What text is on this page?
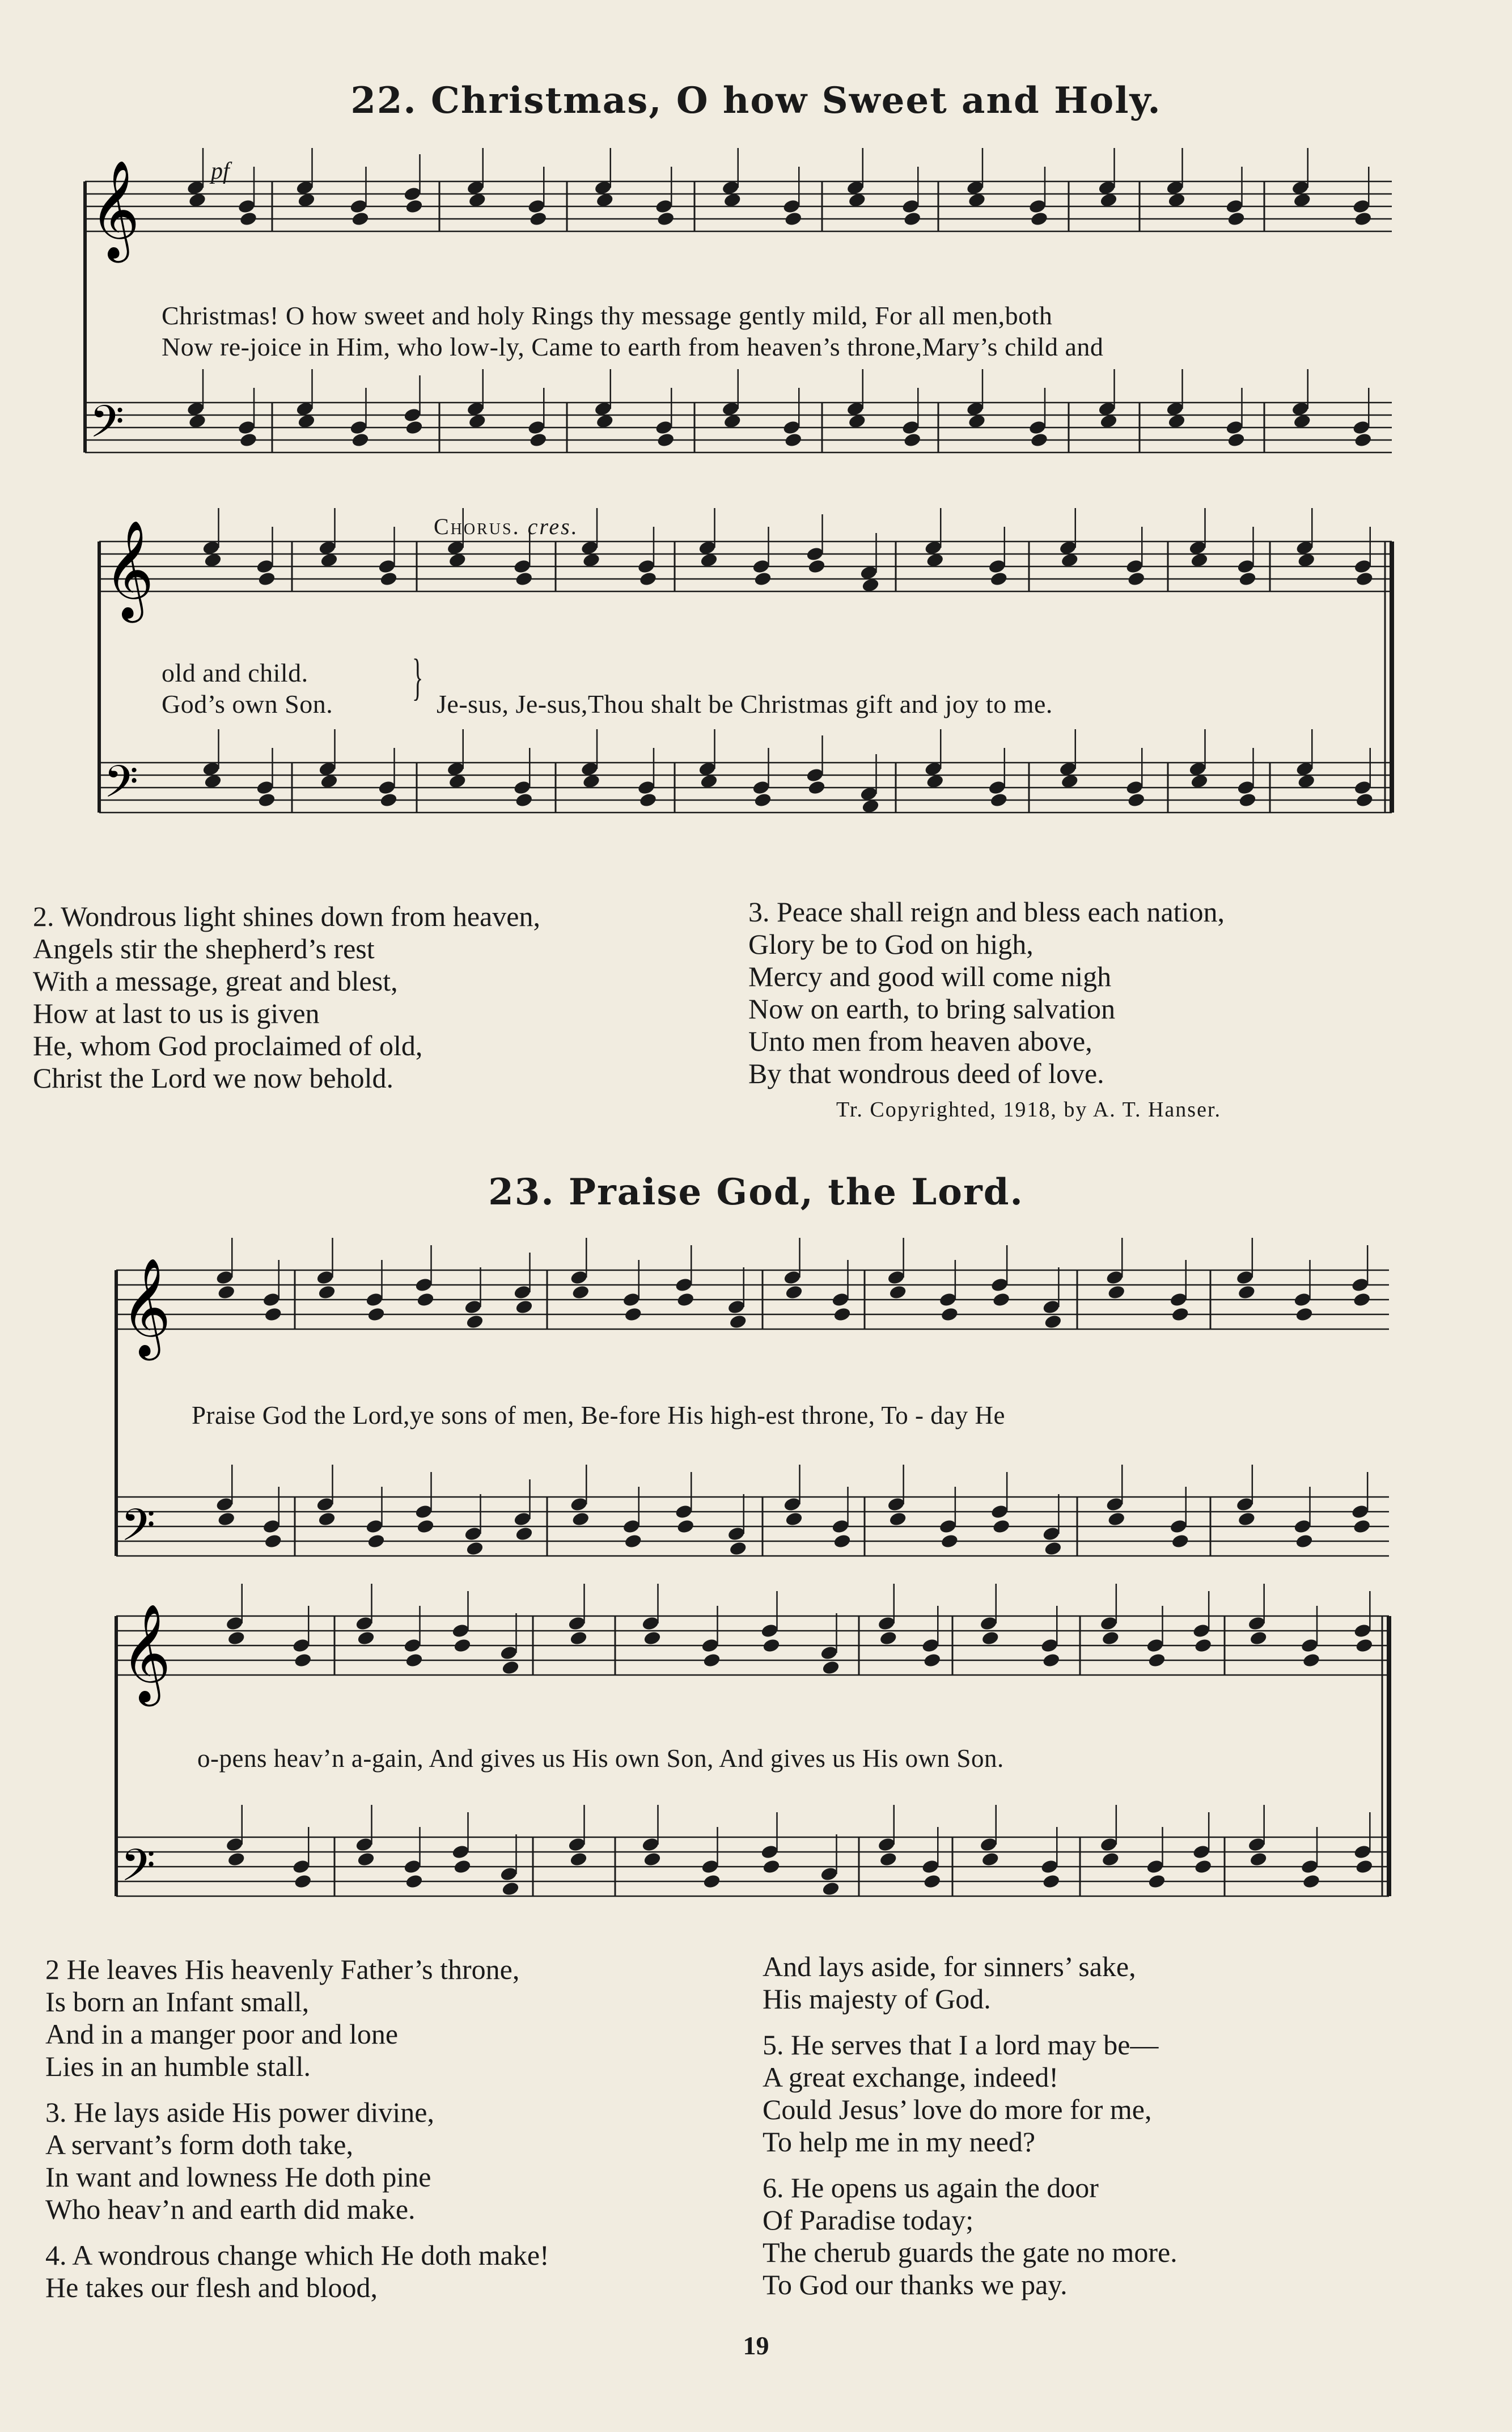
22. Christmas, O how Sweet and Holy.
𝄞
𝄢
𝄞
𝄢
𝄞
𝄢
𝄞
𝄢
pf
Christmas! O how sweet and holy Rings thy message gently mild, For all men,both
Now re-joice in Him, who low-ly, Came to earth from heaven’s throne,Mary’s child and
Chorus. cres.
old and child.
God’s own Son. } Je-sus, Je-sus,Thou shalt be Christmas gift and joy to me.
2. Wondrous light shines down from heaven,
Angels stir the shepherd’s rest
With a message, great and blest,
How at last to us is given
He, whom God proclaimed of old,
Christ the Lord we now behold.
3. Peace shall reign and bless each nation,
Glory be to God on high,
Mercy and good will come nigh
Now on earth, to bring salvation
Unto men from heaven above,
By that wondrous deed of love.
Tr. Copyrighted, 1918, by A. T. Hanser.
23. Praise God, the Lord.
Praise God the Lord,ye sons of men, Be-fore His high-est throne, To - day He
o-pens heav’n a-gain, And gives us His own Son, And gives us His own Son.
2 He leaves His heavenly Father’s throne,
Is born an Infant small,
And in a manger poor and lone
Lies in an humble stall.
3. He lays aside His power divine,
A servant’s form doth take,
In want and lowness He doth pine
Who heav’n and earth did make.
4. A wondrous change which He doth make!
He takes our flesh and blood,
And lays aside, for sinners’ sake,
His majesty of God.
5. He serves that I a lord may be—
A great exchange, indeed!
Could Jesus’ love do more for me,
To help me in my need?
6. He opens us again the door
Of Paradise today;
The cherub guards the gate no more.
To God our thanks we pay.
19
